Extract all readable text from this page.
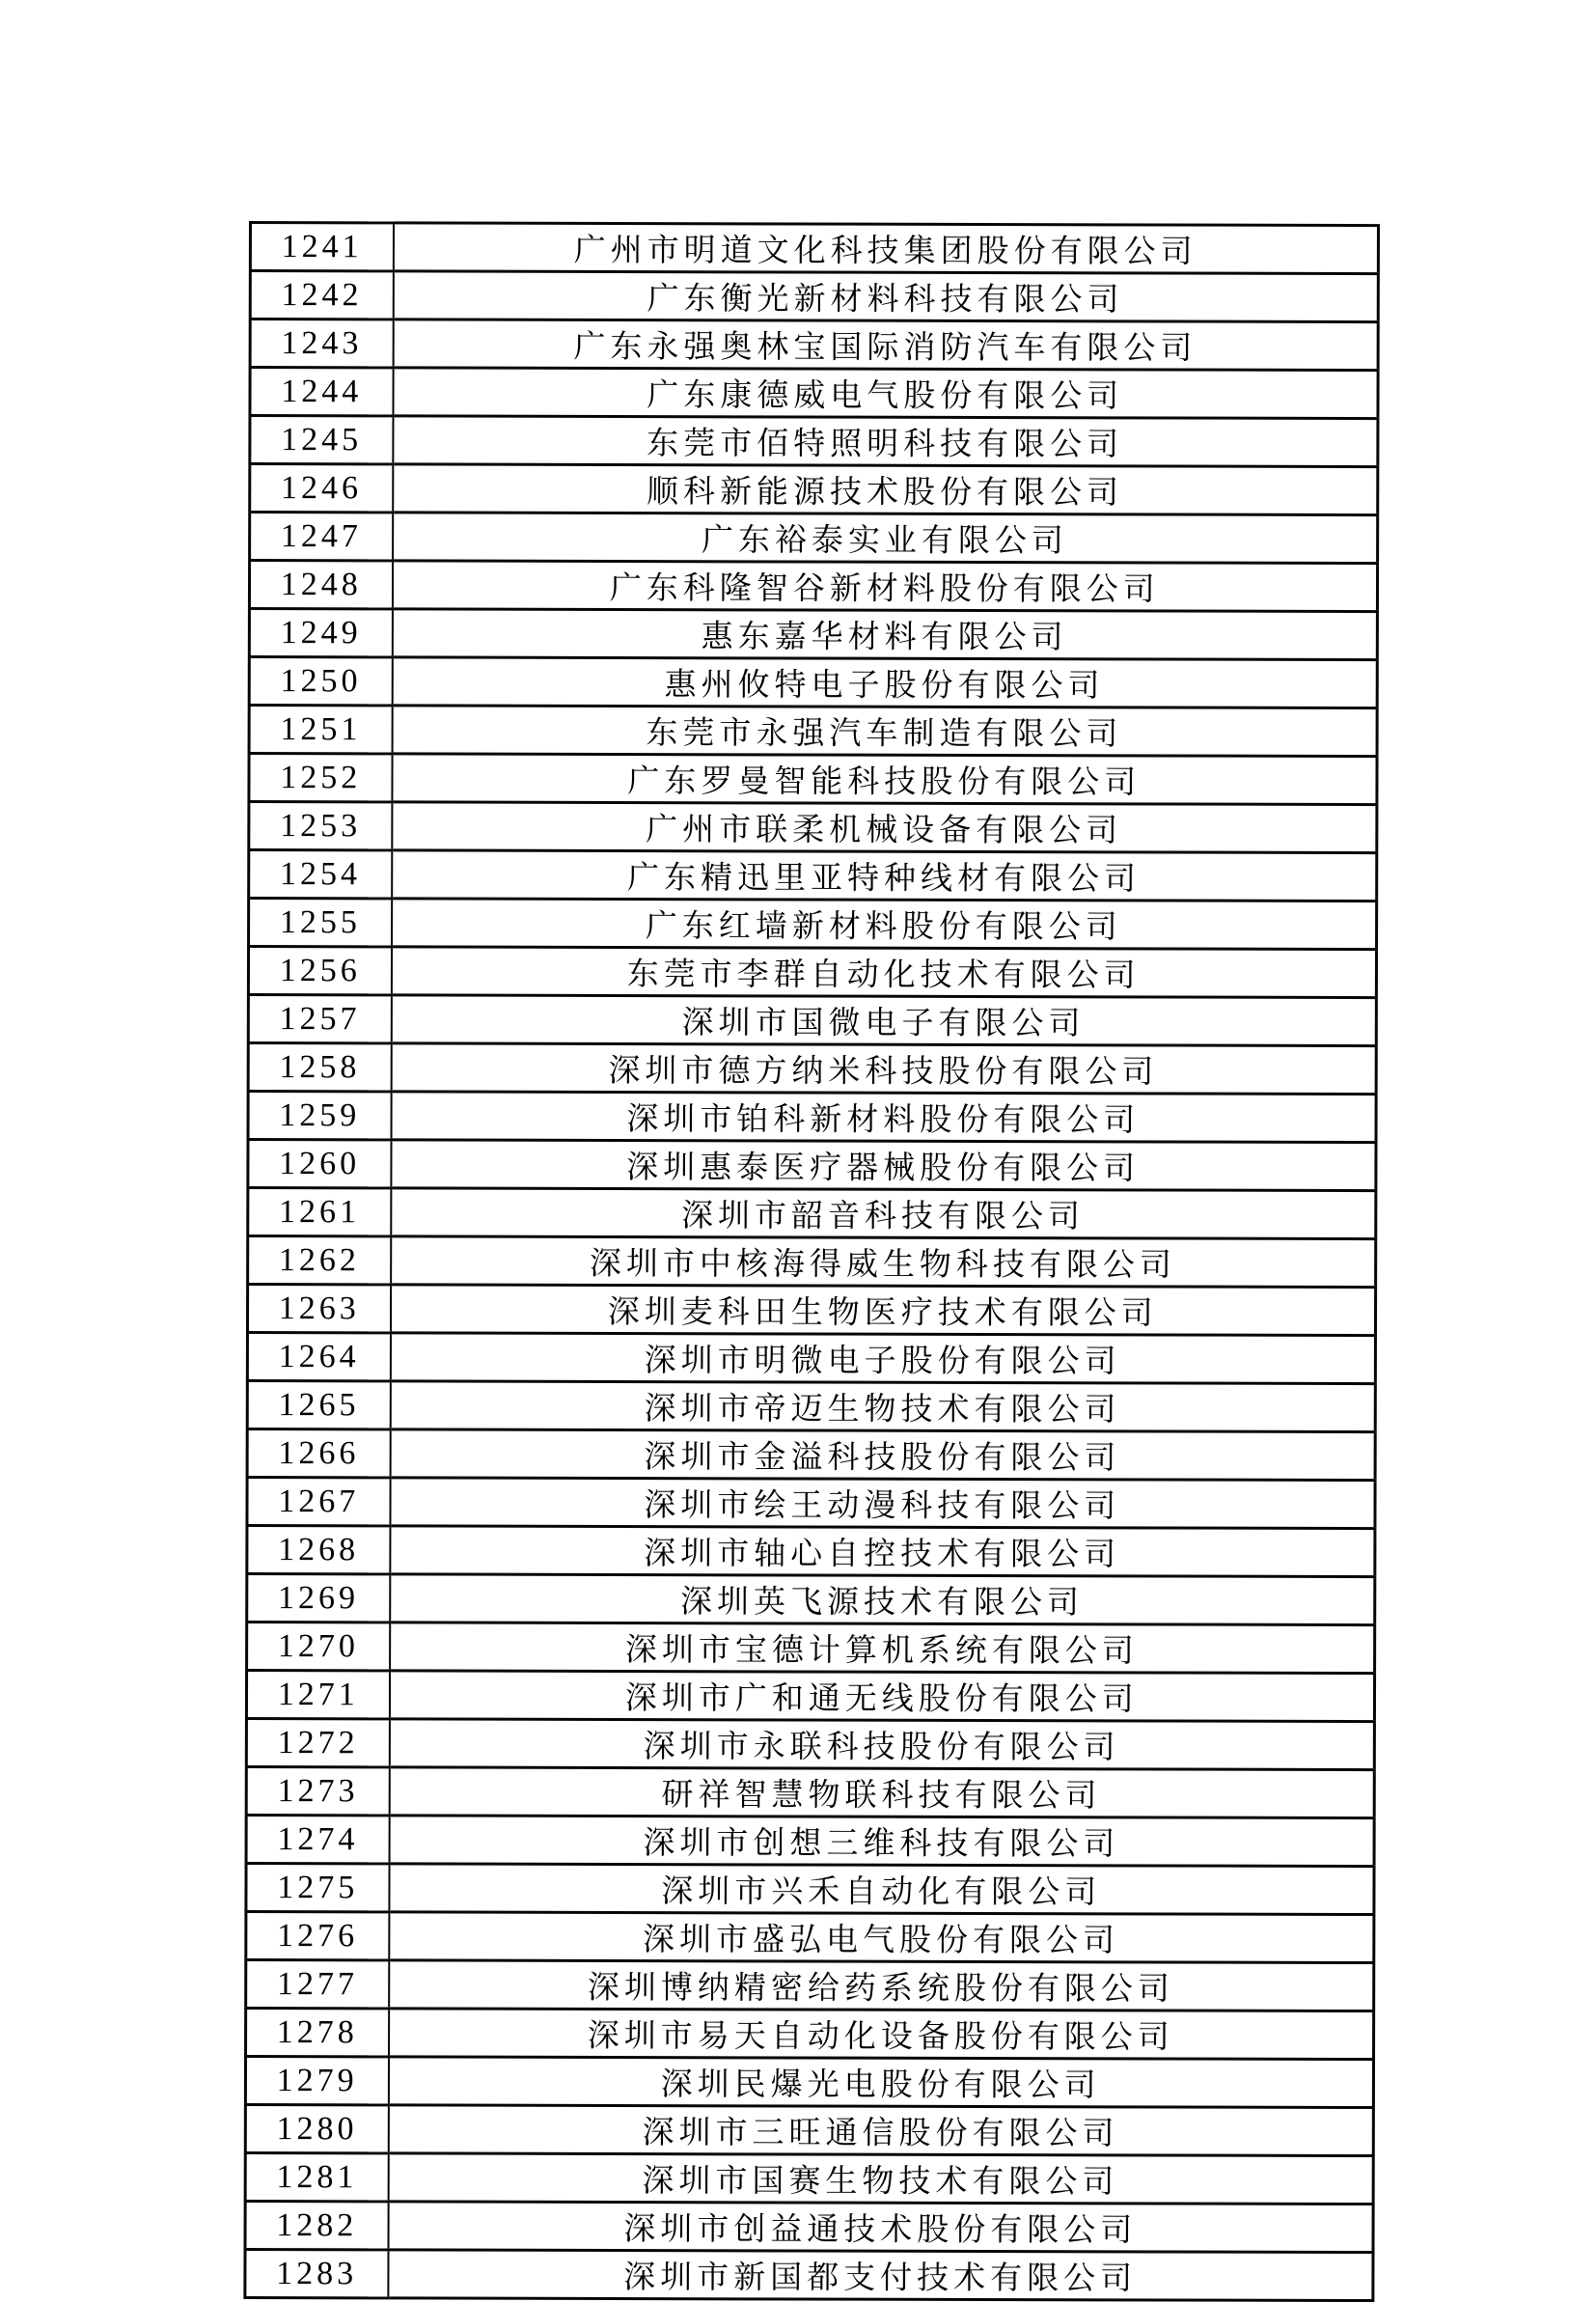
1241	广州市明道文化科技集团股份有限公司
1242	广东衡光新材料科技有限公司
1243	广东永强奥林宝国际消防汽车有限公司
1244	广东康德威电气股份有限公司
1245	东莞市佰特照明科技有限公司
1246	顺科新能源技术股份有限公司
1247	广东裕泰实业有限公司
1248	广东科隆智谷新材料股份有限公司
1249	惠东嘉华材料有限公司
1250	惠州攸特电子股份有限公司
1251	东莞市永强汽车制造有限公司
1252	广东罗曼智能科技股份有限公司
1253	广州市联柔机械设备有限公司
1254	广东精迅里亚特种线材有限公司
1255	广东红墙新材料股份有限公司
1256	东莞市李群自动化技术有限公司
1257	深圳市国微电子有限公司
1258	深圳市德方纳米科技股份有限公司
1259	深圳市铂科新材料股份有限公司
1260	深圳惠泰医疗器械股份有限公司
1261	深圳市韶音科技有限公司
1262	深圳市中核海得威生物科技有限公司
1263	深圳麦科田生物医疗技术有限公司
1264	深圳市明微电子股份有限公司
1265	深圳市帝迈生物技术有限公司
1266	深圳市金溢科技股份有限公司
1267	深圳市绘王动漫科技有限公司
1268	深圳市轴心自控技术有限公司
1269	深圳英飞源技术有限公司
1270	深圳市宝德计算机系统有限公司
1271	深圳市广和通无线股份有限公司
1272	深圳市永联科技股份有限公司
1273	研祥智慧物联科技有限公司
1274	深圳市创想三维科技有限公司
1275	深圳市兴禾自动化有限公司
1276	深圳市盛弘电气股份有限公司
1277	深圳博纳精密给药系统股份有限公司
1278	深圳市易天自动化设备股份有限公司
1279	深圳民爆光电股份有限公司
1280	深圳市三旺通信股份有限公司
1281	深圳市国赛生物技术有限公司
1282	深圳市创益通技术股份有限公司
1283	深圳市新国都支付技术有限公司
